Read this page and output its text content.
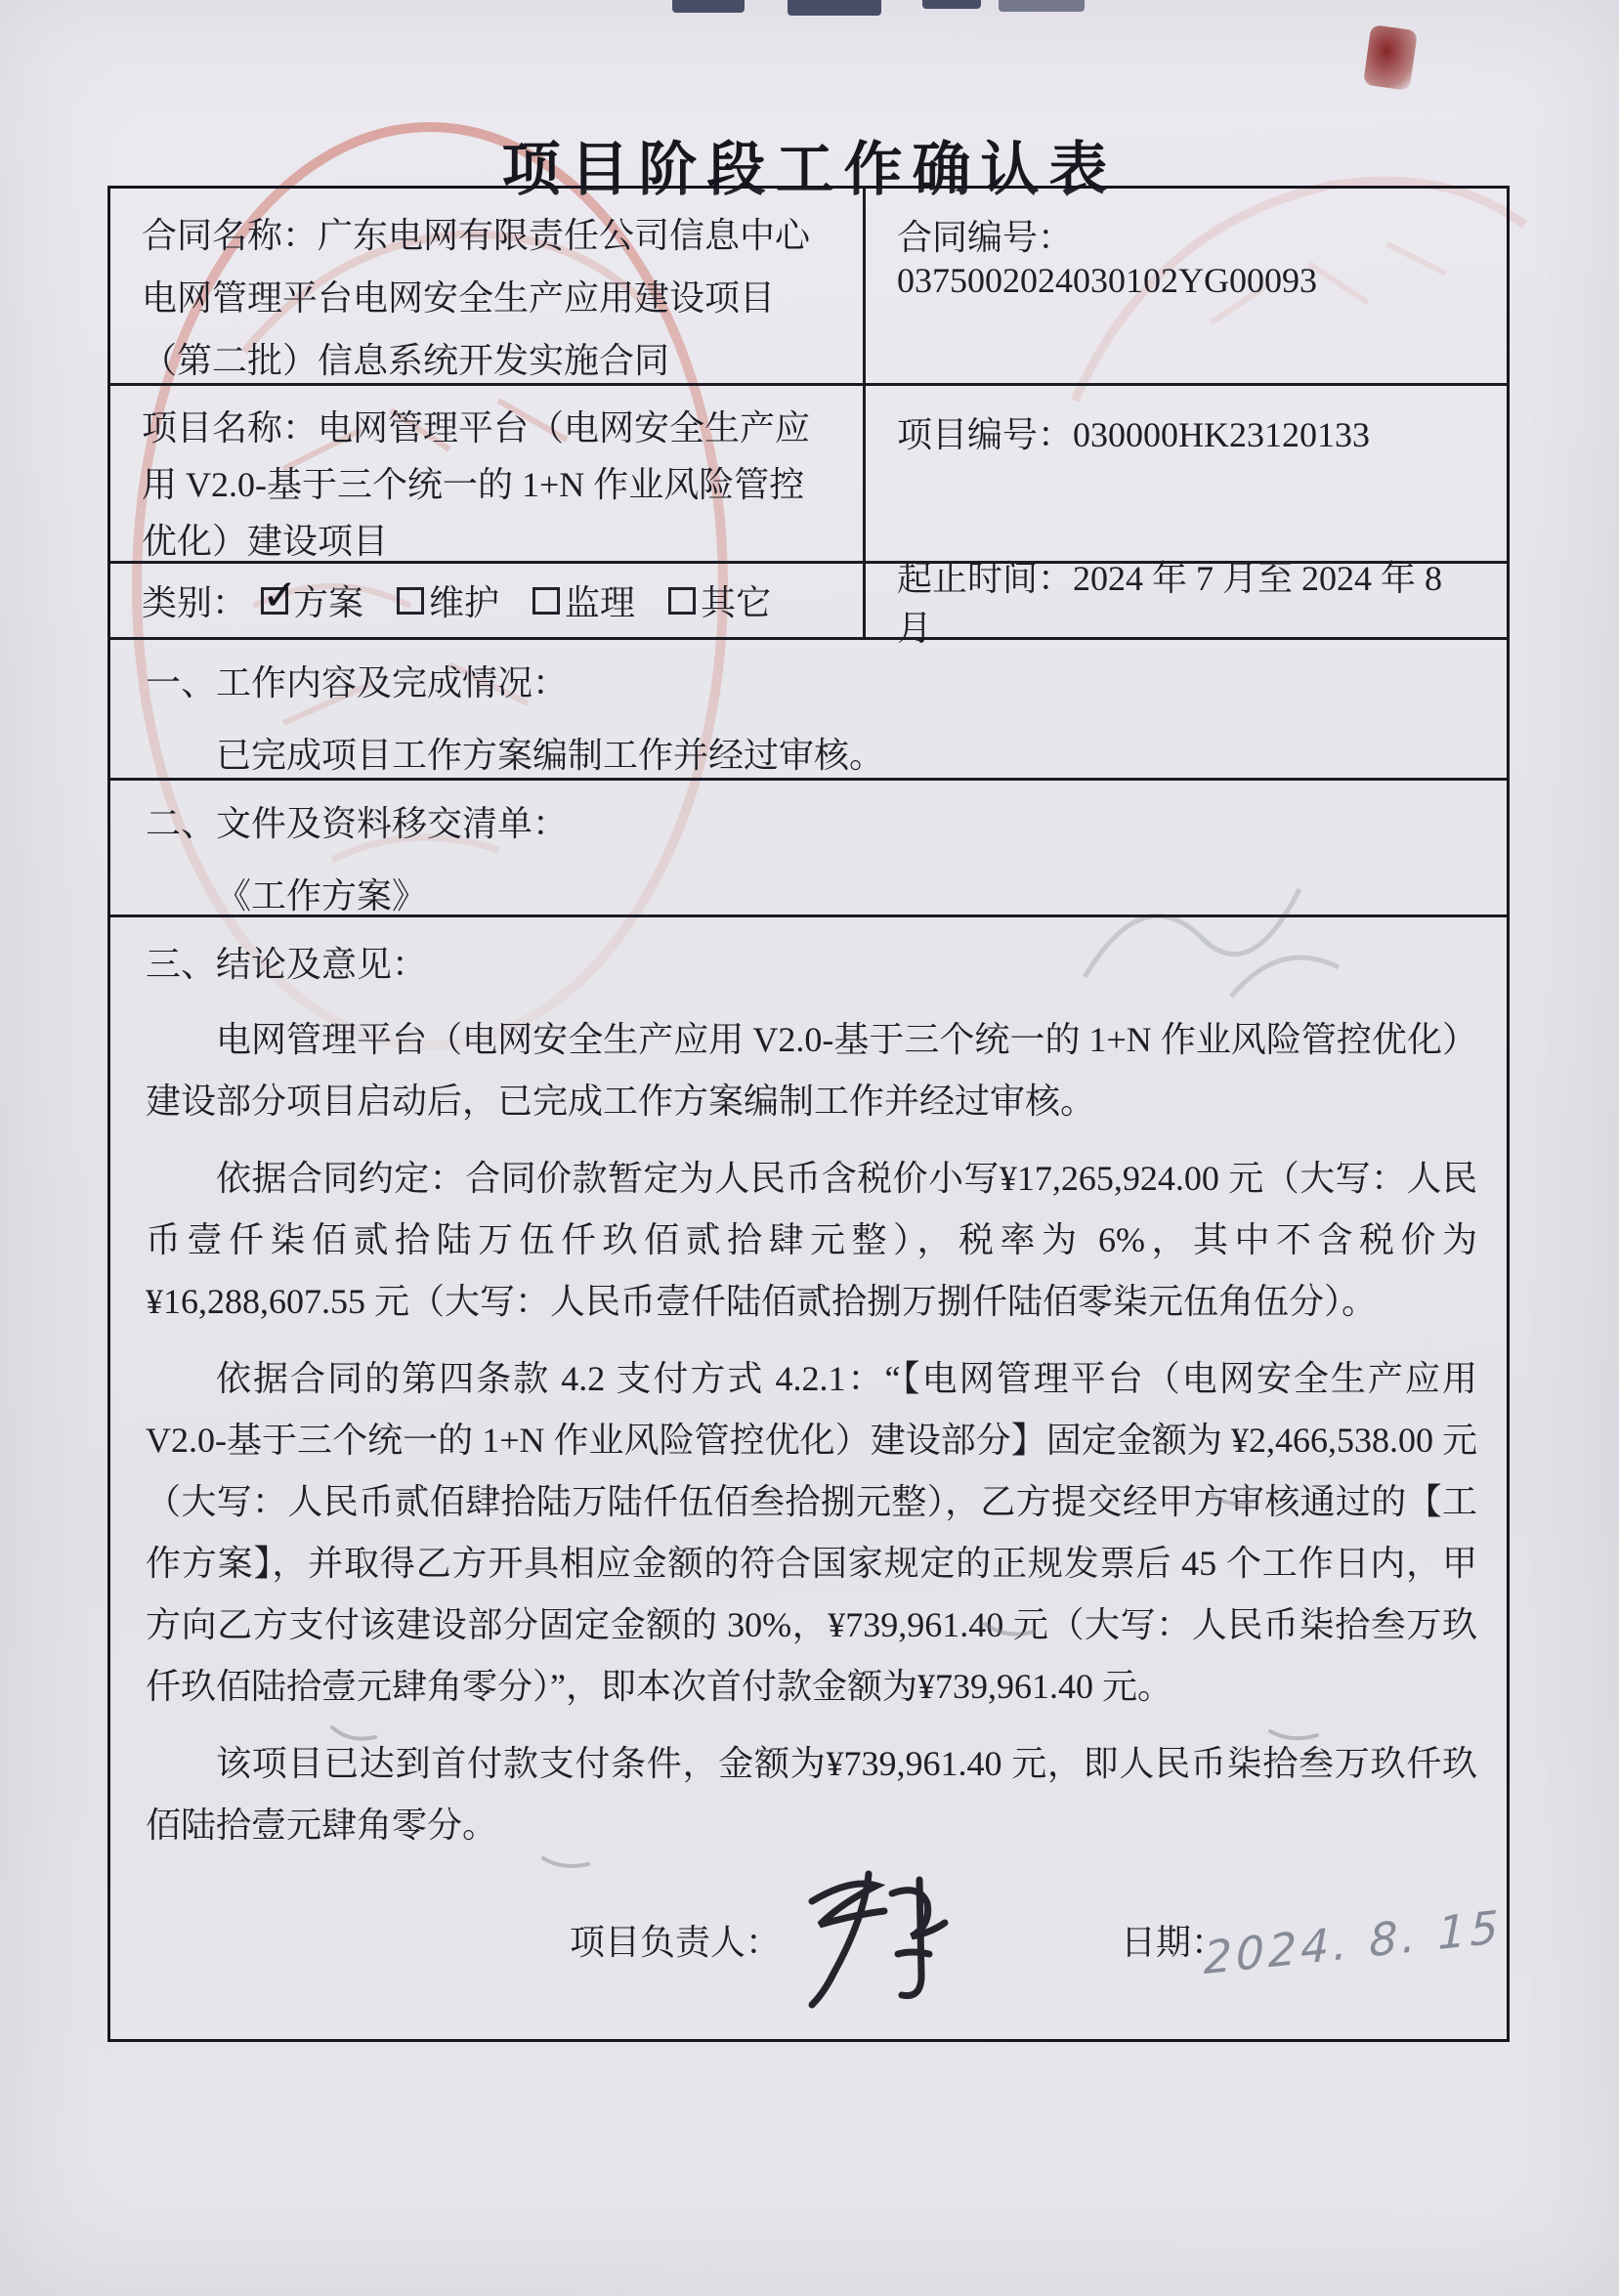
项目阶段工作确认表
合同名称：广东电网有限责任公司信息中心电网管理平台电网安全生产应用建设项目（第二批）信息系统开发实施合同
合同编号：0375002024030102YG00093
项目名称：电网管理平台（电网安全生产应用 V2.0-基于三个统一的 1+N 作业风险管控优化）建设项目
项目编号：030000HK23120133
类别： ✓
方案 维护 监理 其它
起止时间：2024 年 7 月至 2024 年 8 月
一、工作内容及完成情况：
已完成项目工作方案编制工作并经过审核。
二、文件及资料移交清单：
《工作方案》
三、结论及意见：

电网管理平台（电网安全生产应用 V2.0-基于三个统一的 1+N 作业风险管控优化）建设部分项目启动后，已完成工作方案编制工作并经过审核。

依据合同约定：合同价款暂定为人民币含税价小写¥17,265,924.00 元（大写：人民币壹仟柒佰贰拾陆万伍仟玖佰贰拾肆元整），税率为 6%，其中不含税价为¥16,288,607.55 元（大写：人民币壹仟陆佰贰拾捌万捌仟陆佰零柒元伍角伍分）。

依据合同的第四条款 4.2 支付方式 4.2.1：“【电网管理平台（电网安全生产应用 V2.0-基于三个统一的 1+N 作业风险管控优化）建设部分】固定金额为 ¥2,466,538.00 元（大写：人民币贰佰肆拾陆万陆仟伍佰叁拾捌元整），乙方提交经甲方审核通过的【工作方案】，并取得乙方开具相应金额的符合国家规定的正规发票后 45 个工作日内，甲方向乙方支付该建设部分固定金额的 30%，¥739,961.40 元（大写：人民币柒拾叁万玖仟玖佰陆拾壹元肆角零分）”，即本次首付款金额为¥739,961.40 元。

该项目已达到首付款支付条件，金额为¥739,961.40 元，即人民币柒拾叁万玖仟玖佰陆拾壹元肆角零分。

项目负责人：	日期：
2024. 8. 15
